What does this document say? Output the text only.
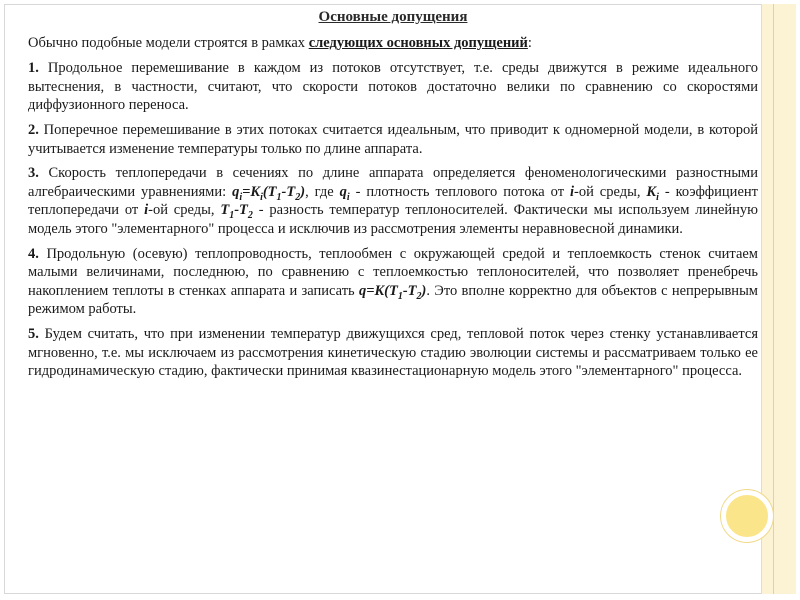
Основные допущения
Обычно подобные модели строятся в рамках следующих основных допущений:
1. Продольное перемешивание в каждом из потоков отсутствует, т.е. среды движутся в режиме идеального вытеснения, в частности, считают, что скорости потоков достаточно велики по сравнению со скоростями диффузионного переноса.
2. Поперечное перемешивание в этих потоках считается идеальным, что приводит к одномерной модели, в которой учитывается изменение температуры только по длине аппарата.
3. Скорость теплопередачи в сечениях по длине аппарата определяется феноменологическими разностными алгебраическими уравнениями: $q_i=K_i(T_1-T_2)$, где $q_i$ - плотность теплового потока от i-ой среды, $K_i$ - коэффициент теплопередачи от i-ой среды, $T_1-T_2$ - разность температур теплоносителей. Фактически мы используем линейную модель этого "элементарного" процесса и исключив из рассмотрения элементы неравновесной динамики.
4. Продольную (осевую) теплопроводность, теплообмен с окружающей средой и теплоемкость стенок считаем малыми величинами, последнюю, по сравнению с теплоемкостью теплоносителей, что позволяет пренебречь накоплением теплоты в стенках аппарата и записать $q=K(T_1-T_2)$. Это вполне корректно для объектов с непрерывным режимом работы.
5. Будем считать, что при изменении температур движущихся сред, тепловой поток через стенку устанавливается мгновенно, т.е. мы исключаем из рассмотрения кинетическую стадию эволюции системы и рассматриваем только ее гидродинамическую стадию, фактически принимая квазинестационарную модель этого "элементарного" процесса.
